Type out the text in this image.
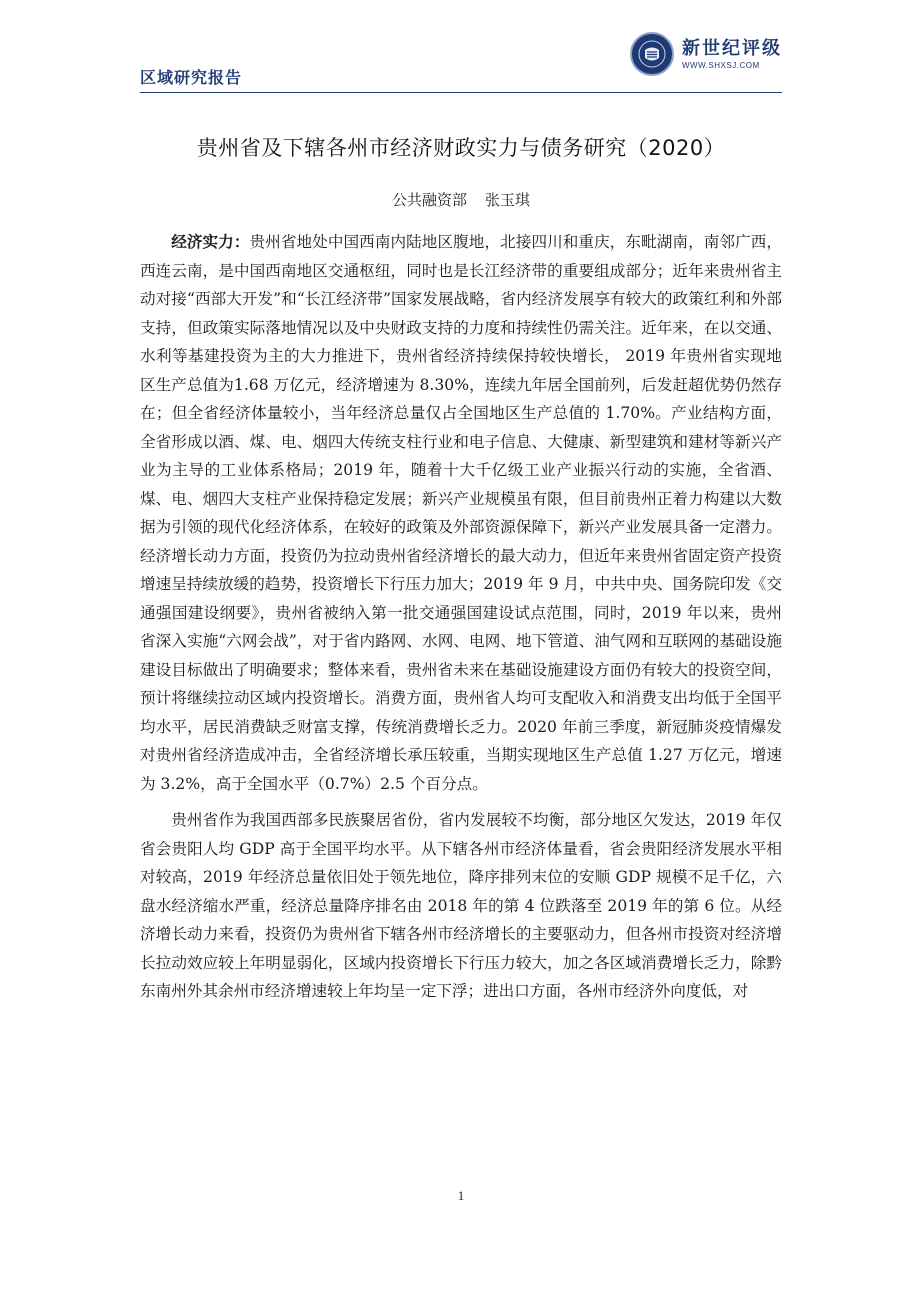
区域研究报告
新世纪评级
WWW.SHXSJ.COM
贵州省及下辖各州市经济财政实力与债务研究（2020）
公共融资部 张玉琪

经济实力：贵州省地处中国西南内陆地区腹地，北接四川和重庆，东毗湖南，南邻广西，西连云南，是中国西南地区交通枢纽，同时也是长江经济带的重要组成部分；近年来贵州省主动对接“西部大开发”和“长江经济带”国家发展战略，省内经济发展享有较大的政策红利和外部支持，但政策实际落地情况以及中央财政支持的力度和持续性仍需关注。近年来，在以交通、水利等基建投资为主的大力推进下，贵州省经济持续保持较快增长， 2019 年贵州省实现地区生产总值为1.68 万亿元，经济增速为 8.30%，连续九年居全国前列，后发赶超优势仍然存在；但全省经济体量较小，当年经济总量仅占全国地区生产总值的 1.70%。产业结构方面，全省形成以酒、煤、电、烟四大传统支柱行业和电子信息、大健康、新型建筑和建材等新兴产业为主导的工业体系格局；2019 年，随着十大千亿级工业产业振兴行动的实施，全省酒、煤、电、烟四大支柱产业保持稳定发展；新兴产业规模虽有限，但目前贵州正着力构建以大数据为引领的现代化经济体系，在较好的政策及外部资源保障下，新兴产业发展具备一定潜力。经济增长动力方面，投资仍为拉动贵州省经济增长的最大动力，但近年来贵州省固定资产投资增速呈持续放缓的趋势，投资增长下行压力加大；2019 年 9 月，中共中央、国务院印发《交通强国建设纲要》，贵州省被纳入第一批交通强国建设试点范围，同时，2019 年以来，贵州省深入实施“六网会战”，对于省内路网、水网、电网、地下管道、油气网和互联网的基础设施建设目标做出了明确要求；整体来看，贵州省未来在基础设施建设方面仍有较大的投资空间，预计将继续拉动区域内投资增长。消费方面，贵州省人均可支配收入和消费支出均低于全国平均水平，居民消费缺乏财富支撑，传统消费增长乏力。2020 年前三季度，新冠肺炎疫情爆发对贵州省经济造成冲击，全省经济增长承压较重，当期实现地区生产总值 1.27 万亿元，增速为 3.2%，高于全国水平（0.7%）2.5 个百分点。

贵州省作为我国西部多民族聚居省份，省内发展较不均衡，部分地区欠发达，2019 年仅省会贵阳人均 GDP 高于全国平均水平。从下辖各州市经济体量看，省会贵阳经济发展水平相对较高，2019 年经济总量依旧处于领先地位，降序排列末位的安顺 GDP 规模不足千亿，六盘水经济缩水严重，经济总量降序排名由 2018 年的第 4 位跌落至 2019 年的第 6 位。从经济增长动力来看，投资仍为贵州省下辖各州市经济增长的主要驱动力，但各州市投资对经济增长拉动效应较上年明显弱化，区域内投资增长下行压力较大，加之各区域消费增长乏力，除黔东南州外其余州市经济增速较上年均呈一定下浮；进出口方面，各州市经济外向度低，对

1
